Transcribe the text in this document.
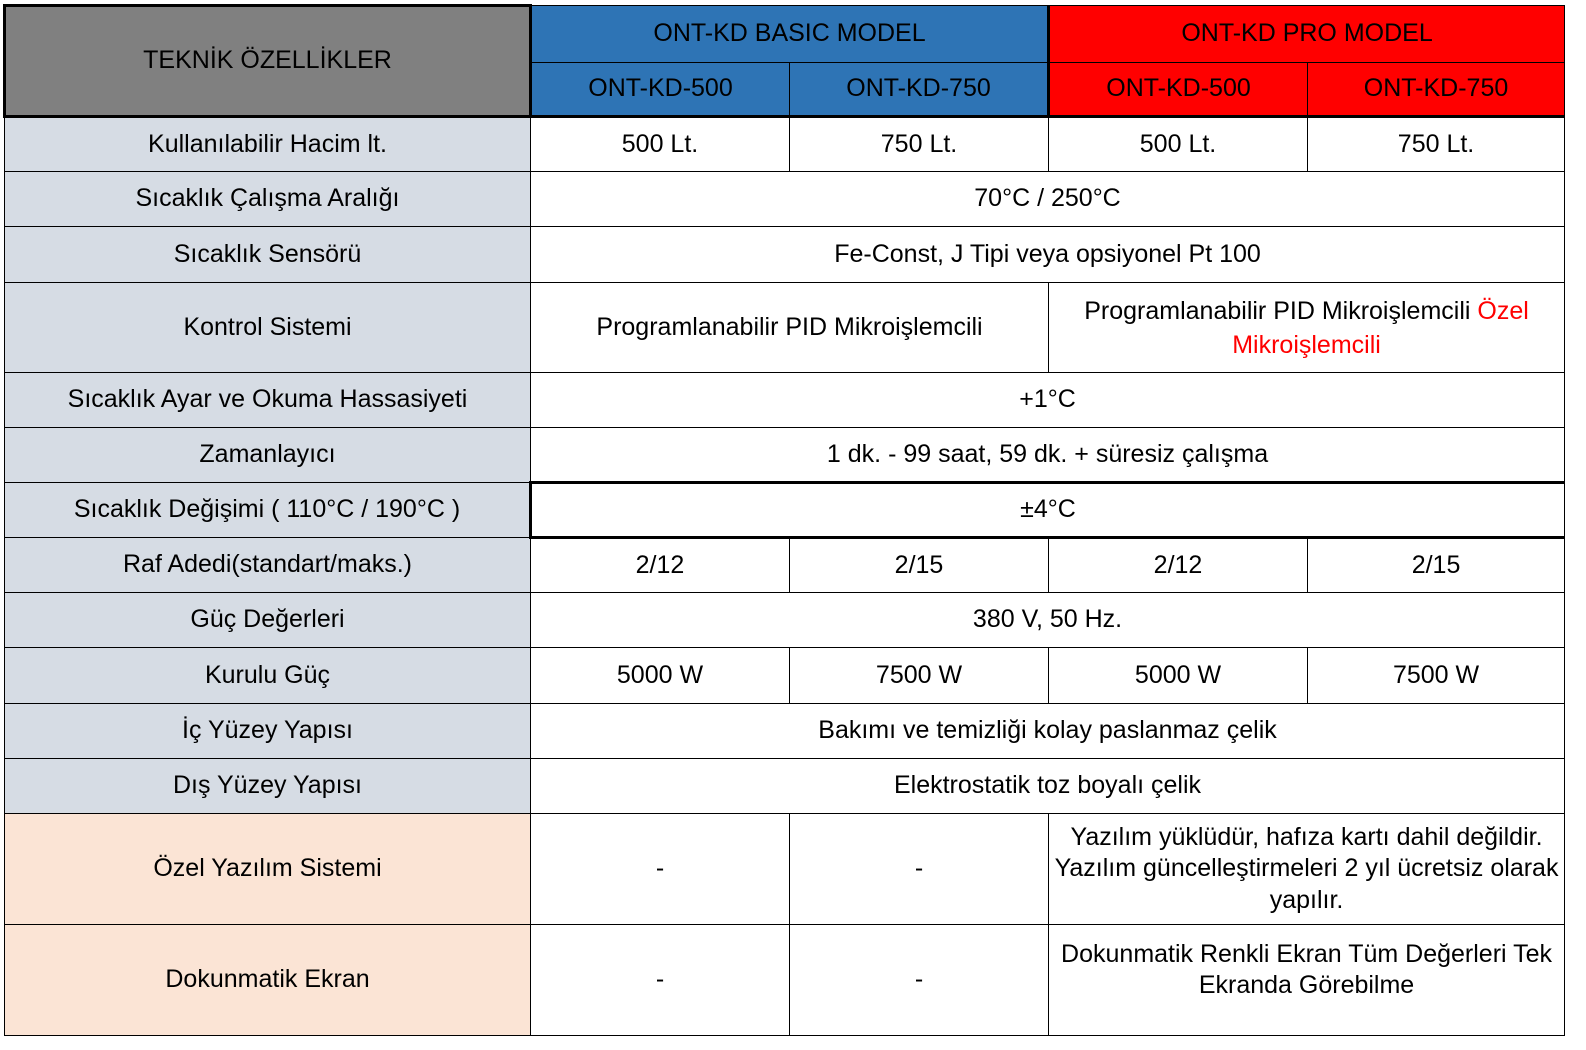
TEKNİK ÖZELLİKLER	ONT-KD BASIC MODEL		ONT-KD PRO MODEL	
	ONT-KD-500	ONT-KD-750	ONT-KD-500	ONT-KD-750
Kullanılabilir Hacim lt.	500 Lt.	750 Lt.	500 Lt.	750 Lt.
Sıcaklık Çalışma Aralığı	70°C / 250°C			
Sıcaklık Sensörü	Fe-Const, J Tipi veya opsiyonel Pt 100			
Kontrol Sistemi	Programlanabilir PID Mikroişlemcili		Programlanabilir PID Mikroişlemcili Özel Mikroişlemcili	
Sıcaklık Ayar ve Okuma Hassasiyeti	+1°C			
Zamanlayıcı	1 dk. - 99 saat, 59 dk. + süresiz çalışma			
Sıcaklık Değişimi ( 110°C / 190°C )	±4°C			
Raf Adedi(standart/maks.)	2/12	2/15	2/12	2/15
Güç Değerleri	380 V, 50 Hz.			
Kurulu Güç	5000 W	7500 W	5000 W	7500 W
İç Yüzey Yapısı	Bakımı ve temizliği kolay paslanmaz çelik			
Dış Yüzey Yapısı	Elektrostatik toz boyalı çelik			
Özel Yazılım Sistemi	-	-	Yazılım yüklüdür, hafıza kartı dahil değildir. Yazılım güncelleştirmeleri 2 yıl ücretsiz olarak yapılır.	
Dokunmatik Ekran	-	-	Dokunmatik Renkli Ekran Tüm Değerleri Tek Ekranda Görebilme	
